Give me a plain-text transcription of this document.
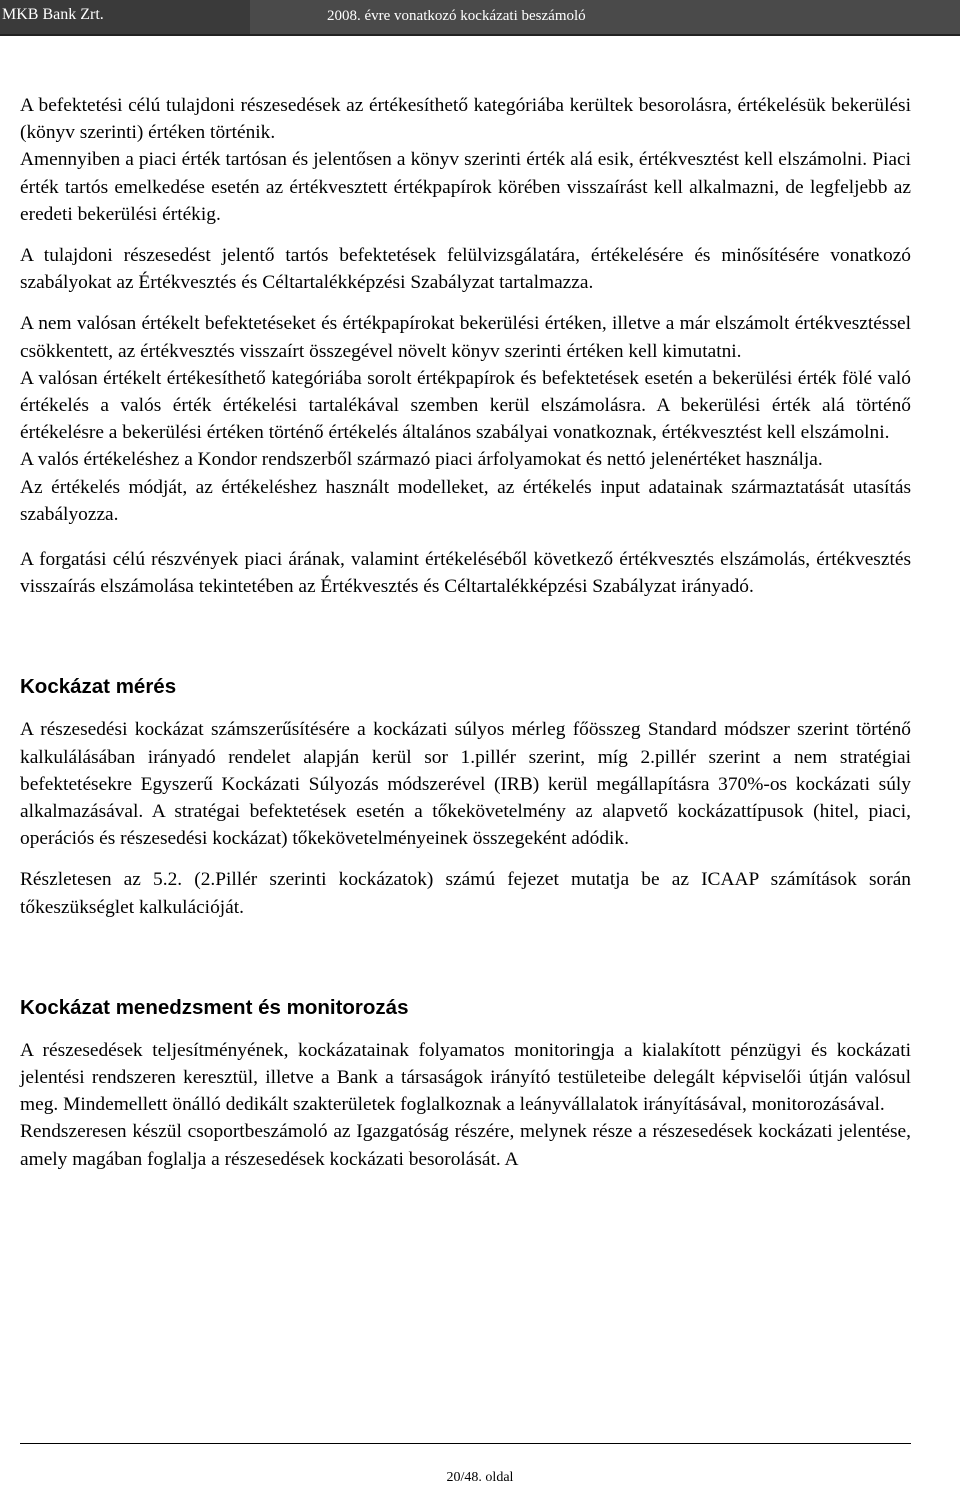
MKB Bank Zrt.	2008. évre vonatkozó kockázati beszámoló

A befektetési célú tulajdoni részesedések az értékesíthető kategóriába kerültek besorolásra, értékelésük bekerülési (könyv szerinti) értéken történik.

Amennyiben a piaci érték tartósan és jelentősen a könyv szerinti érték alá esik, értékvesztést kell elszámolni. Piaci érték tartós emelkedése esetén az értékvesztett értékpapírok körében visszaírást kell alkalmazni, de legfeljebb az eredeti bekerülési értékig.

A tulajdoni részesedést jelentő tartós befektetések felülvizsgálatára, értékelésére és minősítésére vonatkozó szabályokat az Értékvesztés és Céltartalékképzési Szabályzat tartalmazza.

A nem valósan értékelt befektetéseket és értékpapírokat bekerülési értéken, illetve a már elszámolt értékvesztéssel csökkentett, az értékvesztés visszaírt összegével növelt könyv szerinti értéken kell kimutatni.

A valósan értékelt értékesíthető kategóriába sorolt értékpapírok és befektetések esetén a bekerülési érték fölé való értékelés a valós érték értékelési tartalékával szemben kerül elszámolásra. A bekerülési érték alá történő értékelésre a bekerülési értéken történő értékelés általános szabályai vonatkoznak, értékvesztést kell elszámolni.

A valós értékeléshez a Kondor rendszerből származó piaci árfolyamokat és nettó jelenértéket használja.

Az értékelés módját, az értékeléshez használt modelleket, az értékelés input adatainak származtatását utasítás szabályozza.

A forgatási célú részvények piaci árának, valamint értékeléséből következő értékvesztés elszámolás, értékvesztés visszaírás elszámolása tekintetében az Értékvesztés és Céltartalékképzési Szabályzat irányadó.

Kockázat mérés

A részesedési kockázat számszerűsítésére a kockázati súlyos mérleg főösszeg Standard módszer szerint történő kalkulálásában irányadó rendelet alapján kerül sor 1.pillér szerint, míg 2.pillér szerint a nem stratégiai befektetésekre Egyszerű Kockázati Súlyozás módszerével (IRB) kerül megállapításra 370%-os kockázati súly alkalmazásával. A stratégai befektetések esetén a tőkekövetelmény az alapvető kockázattípusok (hitel, piaci, operációs és részesedési kockázat) tőkekövetelményeinek összegeként adódik.

Részletesen az 5.2. (2.Pillér szerinti kockázatok) számú fejezet mutatja be az ICAAP számítások során tőkeszükséglet kalkulációját.

Kockázat menedzsment és monitorozás

A részesedések teljesítményének, kockázatainak folyamatos monitoringja a kialakított pénzügyi és kockázati jelentési rendszeren keresztül, illetve a Bank a társaságok irányító testületeibe delegált képviselői útján valósul meg. Mindemellett önálló dedikált szakterületek foglalkoznak a leányvállalatok irányításával, monitorozásával.

Rendszeresen készül csoportbeszámoló az Igazgatóság részére, melynek része a részesedések kockázati jelentése, amely magában foglalja a részesedések kockázati besorolását. A

20/48. oldal
